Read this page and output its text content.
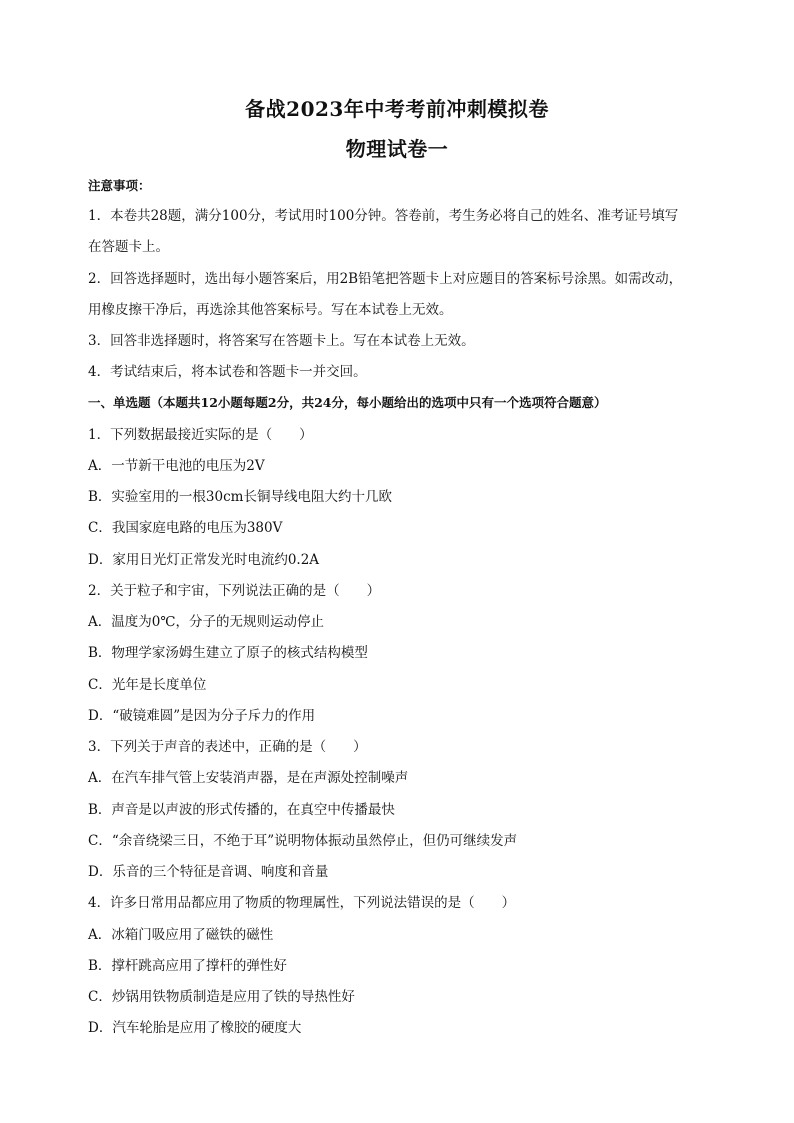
备战2023年中考考前冲刺模拟卷
物理试卷一
注意事项：
1．本卷共28题，满分100分，考试用时100分钟。答卷前，考生务必将自己的姓名、准考证号填写
在答题卡上。
2．回答选择题时，选出每小题答案后，用2B铅笔把答题卡上对应题目的答案标号涂黑。如需改动，
用橡皮擦干净后，再选涂其他答案标号。写在本试卷上无效。
3．回答非选择题时，将答案写在答题卡上。写在本试卷上无效。
4．考试结束后，将本试卷和答题卡一并交回。
一、单选题（本题共12小题每题2分，共24分，每小题给出的选项中只有一个选项符合题意）
1．下列数据最接近实际的是（　　）
A．一节新干电池的电压为2V
B．实验室用的一根30cm长铜导线电阻大约十几欧
C．我国家庭电路的电压为380V
D．家用日光灯正常发光时电流约0.2A
2．关于粒子和宇宙，下列说法正确的是（　　）
A．温度为0℃，分子的无规则运动停止
B．物理学家汤姆生建立了原子的核式结构模型
C．光年是长度单位
D．“破镜难圆”是因为分子斥力的作用
3．下列关于声音的表述中，正确的是（　　）
A．在汽车排气管上安装消声器，是在声源处控制噪声
B．声音是以声波的形式传播的，在真空中传播最快
C．“余音绕梁三日，不绝于耳”说明物体振动虽然停止，但仍可继续发声
D．乐音的三个特征是音调、响度和音量
4．许多日常用品都应用了物质的物理属性，下列说法错误的是（　　）
A．冰箱门吸应用了磁铁的磁性
B．撑杆跳高应用了撑杆的弹性好
C．炒锅用铁物质制造是应用了铁的导热性好
D．汽车轮胎是应用了橡胶的硬度大
